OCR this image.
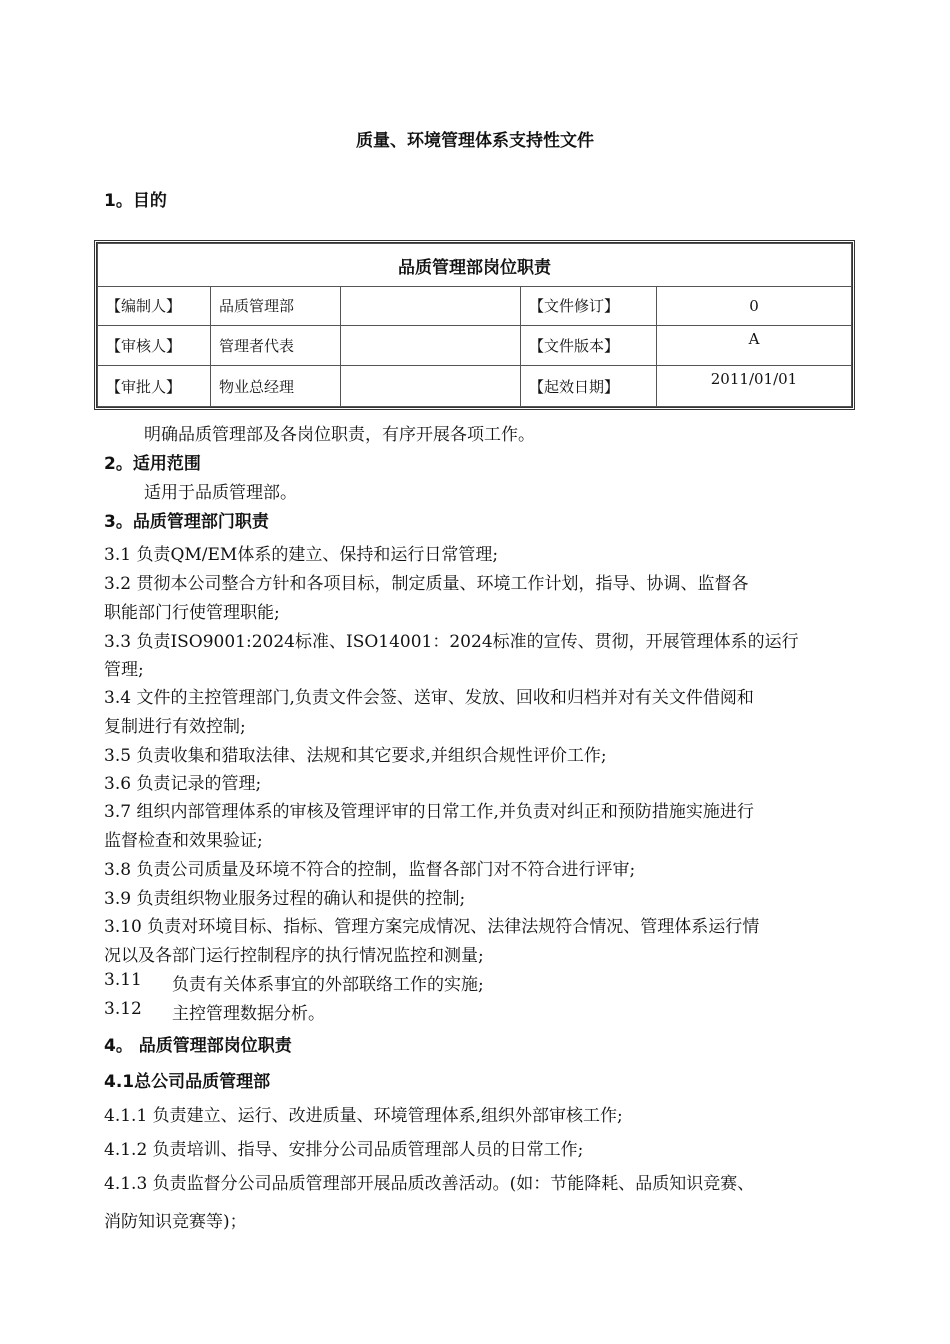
质量、环境管理体系支持性文件
1。目的
品质管理部岗位职责				
【编制人】	品质管理部		【文件修订】	0
【审核人】	管理者代表		【文件版本】	A
【审批人】	物业总经理		【起效日期】	2011/01/01
明确品质管理部及各岗位职责，有序开展各项工作。
2。适用范围
适用于品质管理部。
3。品质管理部门职责
3.1 负责QM/EM体系的建立、保持和运行日常管理;
3.2 贯彻本公司整合方针和各项目标，制定质量、环境工作计划，指导、协调、监督各
职能部门行使管理职能;
3.3 负责ISO9001:2024标准、ISO14001：2024标准的宣传、贯彻，开展管理体系的运行
管理;
3.4 文件的主控管理部门,负责文件会签、送审、发放、回收和归档并对有关文件借阅和
复制进行有效控制;
3.5 负责收集和猎取法律、法规和其它要求,并组织合规性评价工作;
3.6 负责记录的管理;
3.7 组织内部管理体系的审核及管理评审的日常工作,并负责对纠正和预防措施实施进行
监督检查和效果验证;
3.8 负责公司质量及环境不符合的控制，监督各部门对不符合进行评审;
3.9 负责组织物业服务过程的确认和提供的控制;
3.10 负责对环境目标、指标、管理方案完成情况、法律法规符合情况、管理体系运行情
况以及各部门运行控制程序的执行情况监控和测量;
3.11 负责有关体系事宜的外部联络工作的实施;
3.12 主控管理数据分析。
4。 品质管理部岗位职责
4.1总公司品质管理部
4.1.1 负责建立、运行、改进质量、环境管理体系,组织外部审核工作;
4.1.2 负责培训、指导、安排分公司品质管理部人员的日常工作;
4.1.3 负责监督分公司品质管理部开展品质改善活动。(如：节能降耗、品质知识竞赛、
消防知识竞赛等)；
